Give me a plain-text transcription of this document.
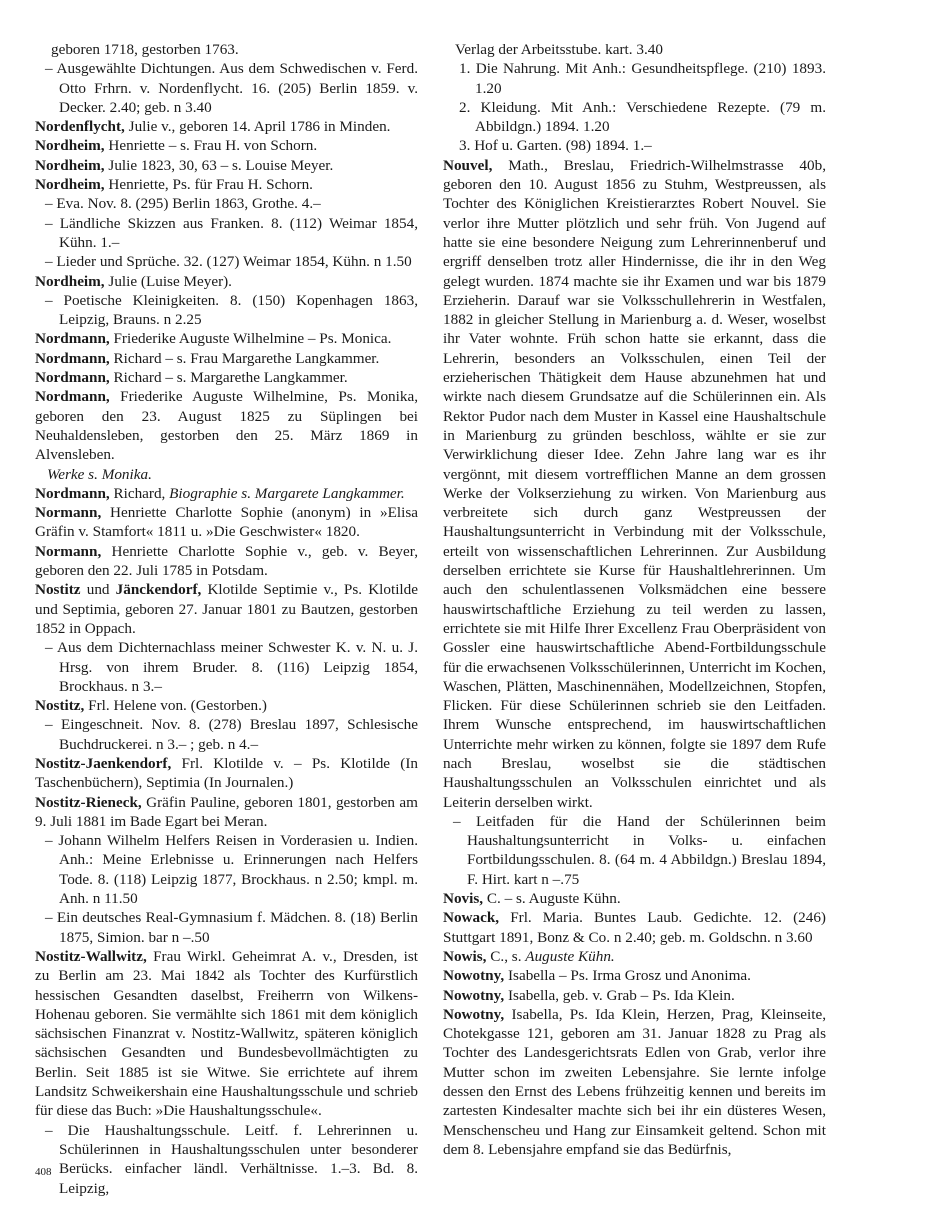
geboren 1718, gestorben 1763.

– Ausgewählte Dichtungen. Aus dem Schwedischen v. Ferd. Otto Frhrn. v. Nordenflycht. 16. (205) Berlin 1859. v. Decker. 2.40; geb. n 3.40

Nordenflycht, Julie v., geboren 14. April 1786 in Minden.

Nordheim, Henriette – s. Frau H. von Schorn.

Nordheim, Julie 1823, 30, 63 – s. Louise Meyer.

Nordheim, Henriette, Ps. für Frau H. Schorn.

– Eva. Nov. 8. (295) Berlin 1863, Grothe. 4.–

– Ländliche Skizzen aus Franken. 8. (112) Weimar 1854, Kühn. 1.–

– Lieder und Sprüche. 32. (127) Weimar 1854, Kühn. n 1.50

Nordheim, Julie (Luise Meyer).

– Poetische Kleinigkeiten. 8. (150) Kopenhagen 1863, Leipzig, Brauns. n 2.25

Nordmann, Friederike Auguste Wilhelmine – Ps. Monica.

Nordmann, Richard – s. Frau Margarethe Langkammer.

Nordmann, Richard – s. Margarethe Langkammer.

Nordmann, Friederike Auguste Wilhelmine, Ps. Monika, geboren den 23. August 1825 zu Süplingen bei Neuhaldensleben, gestorben den 25. März 1869 in Alvensleben.

Werke s. Monika.

Nordmann, Richard, Biographie s. Margarete Langkammer.

Normann, Henriette Charlotte Sophie (anonym) in »Elisa Gräfin v. Stamfort« 1811 u. »Die Geschwister« 1820.

Normann, Henriette Charlotte Sophie v., geb. v. Beyer, geboren den 22. Juli 1785 in Potsdam.

Nostitz und Jänckendorf, Klotilde Septimie v., Ps. Klotilde und Septimia, geboren 27. Januar 1801 zu Bautzen, gestorben 1852 in Oppach.

– Aus dem Dichternachlass meiner Schwester K. v. N. u. J. Hrsg. von ihrem Bruder. 8. (116) Leipzig 1854, Brockhaus. n 3.–

Nostitz, Frl. Helene von. (Gestorben.)

– Eingeschneit. Nov. 8. (278) Breslau 1897, Schlesische Buchdruckerei. n 3.– ; geb. n 4.–

Nostitz-Jaenkendorf, Frl. Klotilde v. – Ps. Klotilde (In Taschenbüchern), Septimia (In Journalen.)

Nostitz-Rieneck, Gräfin Pauline, geboren 1801, gestorben am 9. Juli 1881 im Bade Egart bei Meran.

– Johann Wilhelm Helfers Reisen in Vorderasien u. Indien. Anh.: Meine Erlebnisse u. Erinnerungen nach Helfers Tode. 8. (118) Leipzig 1877, Brockhaus. n 2.50; kmpl. m. Anh. n 11.50

– Ein deutsches Real-Gymnasium f. Mädchen. 8. (18) Berlin 1875, Simion. bar n –.50

Nostitz-Wallwitz, Frau Wirkl. Geheimrat A. v., Dresden, ist zu Berlin am 23. Mai 1842 als Tochter des Kurfürstlich hessischen Gesandten daselbst, Freiherrn von Wilkens-Hohenau geboren. Sie vermählte sich 1861 mit dem königlich sächsischen Finanzrat v. Nostitz-Wallwitz, späteren königlich sächsischen Gesandten und Bundesbevollmächtigten zu Berlin. Seit 1885 ist sie Witwe. Sie errichtete auf ihrem Landsitz Schweikershain eine Haushaltungsschule und schrieb für diese das Buch: »Die Haushaltungsschule«.

– Die Haushaltungsschule. Leitf. f. Lehrerinnen u. Schülerinnen in Haushaltungsschulen unter besonderer Berücks. einfacher ländl. Verhältnisse. 1.–3. Bd. 8. Leipzig,

Verlag der Arbeitsstube. kart. 3.40

1. Die Nahrung. Mit Anh.: Gesundheitspflege. (210) 1893. 1.20

2. Kleidung. Mit Anh.: Verschiedene Rezepte. (79 m. Abbildgn.) 1894. 1.20

3. Hof u. Garten. (98) 1894. 1.–

Nouvel, Math., Breslau, Friedrich-Wilhelmstrasse 40b, geboren den 10. August 1856 zu Stuhm, Westpreussen, als Tochter des Königlichen Kreistierarztes Robert Nouvel. Sie verlor ihre Mutter plötzlich und sehr früh. Von Jugend auf hatte sie eine besondere Neigung zum Lehrerinnenberuf und ergriff denselben trotz aller Hindernisse, die ihr in den Weg gelegt wurden. 1874 machte sie ihr Examen und war bis 1879 Erzieherin. Darauf war sie Volksschullehrerin in Westfalen, 1882 in gleicher Stellung in Marienburg a. d. Weser, woselbst ihr Vater wohnte. Früh schon hatte sie erkannt, dass die Lehrerin, besonders an Volksschulen, einen Teil der erzieherischen Thätigkeit dem Hause abzunehmen hat und wirkte nach diesem Grundsatze auf die Schülerinnen ein. Als Rektor Pudor nach dem Muster in Kassel eine Haushaltschule in Marienburg zu gründen beschloss, wählte er sie zur Verwirklichung dieser Idee. Zehn Jahre lang war es ihr vergönnt, mit diesem vortrefflichen Manne an dem grossen Werke der Volkserziehung zu wirken. Von Marienburg aus verbreitete sich durch ganz Westpreussen der Haushaltungsunterricht in Verbindung mit der Volksschule, erteilt von wissenschaftlichen Lehrerinnen. Zur Ausbildung derselben errichtete sie Kurse für Haushaltlehrerinnen. Um auch den schulentlassenen Volksmädchen eine bessere hauswirtschaftliche Erziehung zu teil werden zu lassen, errichtete sie mit Hilfe Ihrer Excellenz Frau Oberpräsident von Gossler eine hauswirtschaftliche Abend-Fortbildungsschule für die erwachsenen Volksschülerinnen, Unterricht im Kochen, Waschen, Plätten, Maschinennähen, Modellzeichnen, Stopfen, Flicken. Für diese Schülerinnen schrieb sie den Leitfaden. Ihrem Wunsche entsprechend, im hauswirtschaftlichen Unterrichte mehr wirken zu können, folgte sie 1897 dem Rufe nach Breslau, woselbst sie die städtischen Haushaltungsschulen an Volksschulen einrichtet und als Leiterin derselben wirkt.

– Leitfaden für die Hand der Schülerinnen beim Haushaltungsunterricht in Volks- u. einfachen Fortbildungsschulen. 8. (64 m. 4 Abbildgn.) Breslau 1894, F. Hirt. kart n –.75

Novis, C. – s. Auguste Kühn.

Nowack, Frl. Maria. Buntes Laub. Gedichte. 12. (246) Stuttgart 1891, Bonz & Co. n 2.40; geb. m. Goldschn. n 3.60

Nowis, C., s. Auguste Kühn.

Nowotny, Isabella – Ps. Irma Grosz und Anonima.

Nowotny, Isabella, geb. v. Grab – Ps. Ida Klein.

Nowotny, Isabella, Ps. Ida Klein, Herzen, Prag, Kleinseite, Chotekgasse 121, geboren am 31. Januar 1828 zu Prag als Tochter des Landesgerichtsrats Edlen von Grab, verlor ihre Mutter schon im zweiten Lebensjahre. Sie lernte infolge dessen den Ernst des Lebens frühzeitig kennen und bereits im zartesten Kindesalter machte sich bei ihr ein düsteres Wesen, Menschenscheu und Hang zur Einsamkeit geltend. Schon mit dem 8. Lebensjahre empfand sie das Bedürfnis,

408
